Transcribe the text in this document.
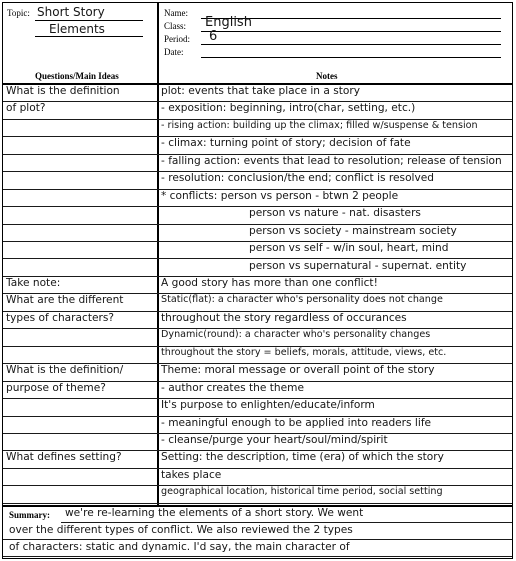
Topic: Short Story
Elements
Questions/Main Ideas
Name:
Class: English
Period: 6
Date:
Notes
What is the definition	plot: events that take place in a story
of plot?	- exposition: beginning, intro(char, setting, etc.)
- rising action: building up the climax; filled w/suspense & tension
- climax: turning point of story; decision of fate
- falling action: events that lead to resolution; release of tension
- resolution: conclusion/the end; conflict is resolved
* conflicts: person vs person - btwn 2 people
person vs nature - nat. disasters
person vs society - mainstream society
person vs self - w/in soul, heart, mind
person vs supernatural - supernat. entity
Take note:	A good story has more than one conflict!
What are the different	Static(flat): a character who's personality does not change
types of characters?	throughout the story regardless of occurances
Dynamic(round): a character who's personality changes
throughout the story = beliefs, morals, attitude, views, etc.
What is the definition/	Theme: moral message or overall point of the story
purpose of theme?	- author creates the theme
It's purpose to enlighten/educate/inform
- meaningful enough to be applied into readers life
- cleanse/purge your heart/soul/mind/spirit
What defines setting?	Setting: the description, time (era) of which the story
takes place
geographical location, historical time period, social setting
Summary: we're re-learning the elements of a short story. We went
over the different types of conflict. We also reviewed the 2 types
of characters: static and dynamic. I'd say, the main character of
